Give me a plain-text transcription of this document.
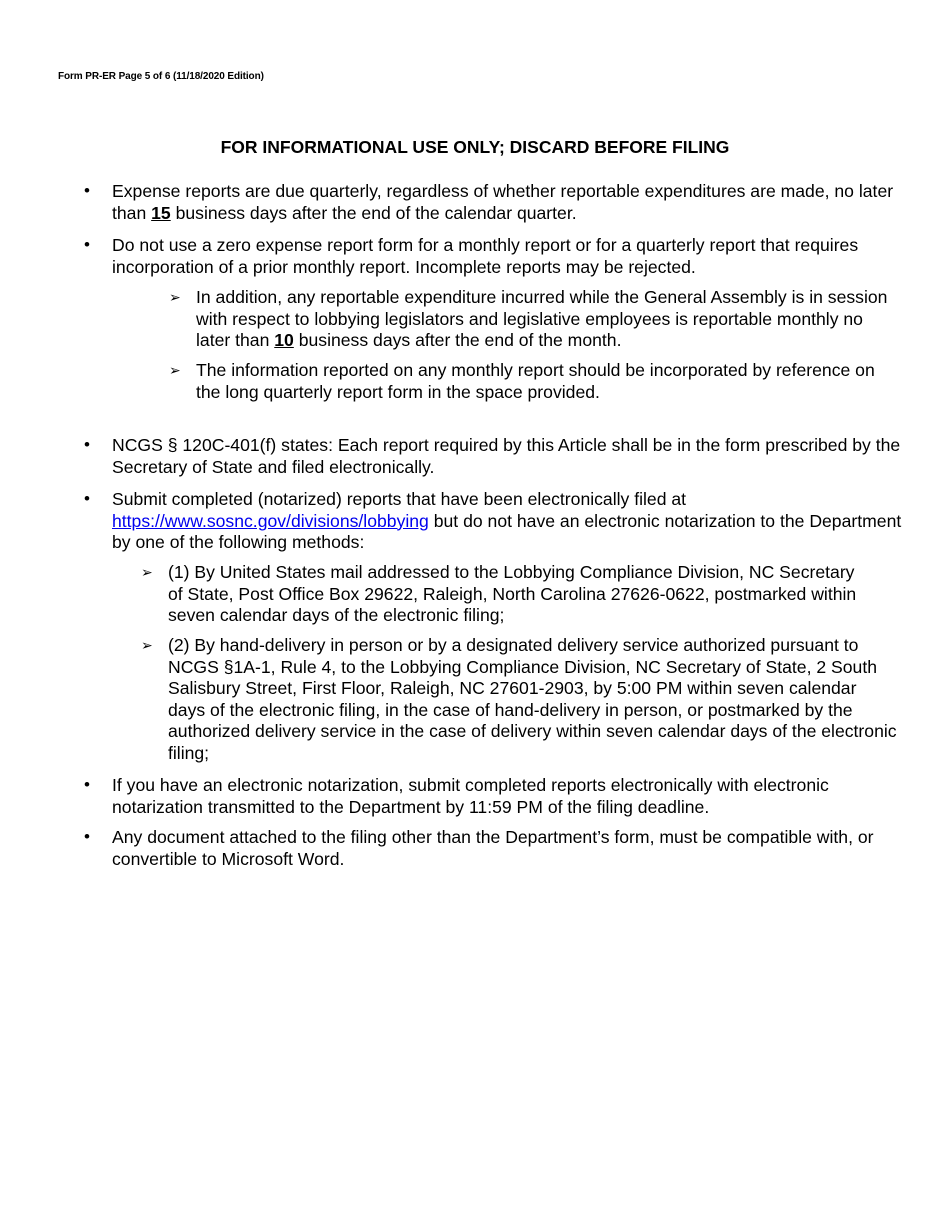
Form PR-ER Page 5 of 6 (11/18/2020 Edition)
FOR INFORMATIONAL USE ONLY; DISCARD BEFORE FILING
• Expense reports are due quarterly, regardless of whether reportable expenditures are made, no later than 15 business days after the end of the calendar quarter.
• Do not use a zero expense report form for a monthly report or for a quarterly report that requires incorporation of a prior monthly report. Incomplete reports may be rejected.
➢ In addition, any reportable expenditure incurred while the General Assembly is in session with respect to lobbying legislators and legislative employees is reportable monthly no later than 10 business days after the end of the month.
➢ The information reported on any monthly report should be incorporated by reference on the long quarterly report form in the space provided.
• NCGS § 120C-401(f) states: Each report required by this Article shall be in the form prescribed by the Secretary of State and filed electronically.
• Submit completed (notarized) reports that have been electronically filed at https://www.sosnc.gov/divisions/lobbying but do not have an electronic notarization to the Department by one of the following methods:
➢ (1) By United States mail addressed to the Lobbying Compliance Division, NC Secretary of State, Post Office Box 29622, Raleigh, North Carolina 27626-0622, postmarked within seven calendar days of the electronic filing;
➢ (2) By hand-delivery in person or by a designated delivery service authorized pursuant to NCGS §1A-1, Rule 4, to the Lobbying Compliance Division, NC Secretary of State, 2 South Salisbury Street, First Floor, Raleigh, NC 27601-2903, by 5:00 PM within seven calendar days of the electronic filing, in the case of hand-delivery in person, or postmarked by the authorized delivery service in the case of delivery within seven calendar days of the electronic filing;
• If you have an electronic notarization, submit completed reports electronically with electronic notarization transmitted to the Department by 11:59 PM of the filing deadline.
• Any document attached to the filing other than the Department’s form, must be compatible with, or convertible to Microsoft Word.
